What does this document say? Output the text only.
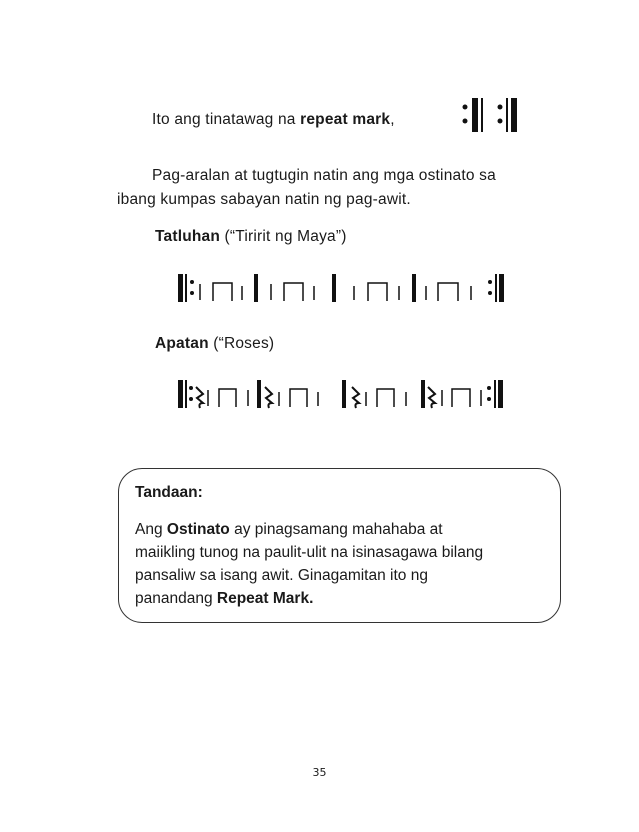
Ito ang tinatawag na repeat mark,
Pag-aralan at tugtugin natin ang mga ostinato sa
ibang kumpas sabayan natin ng pag-awit.
Tatluhan (“Tiririt ng Maya”)
Apatan (“Roses)
Tandaan:
Ang Ostinato ay pinagsamang mahahaba at
maiikling tunog na paulit-ulit na isinasagawa bilang
pansaliw sa isang awit. Ginagamitan ito ng
panandang Repeat Mark.
35
